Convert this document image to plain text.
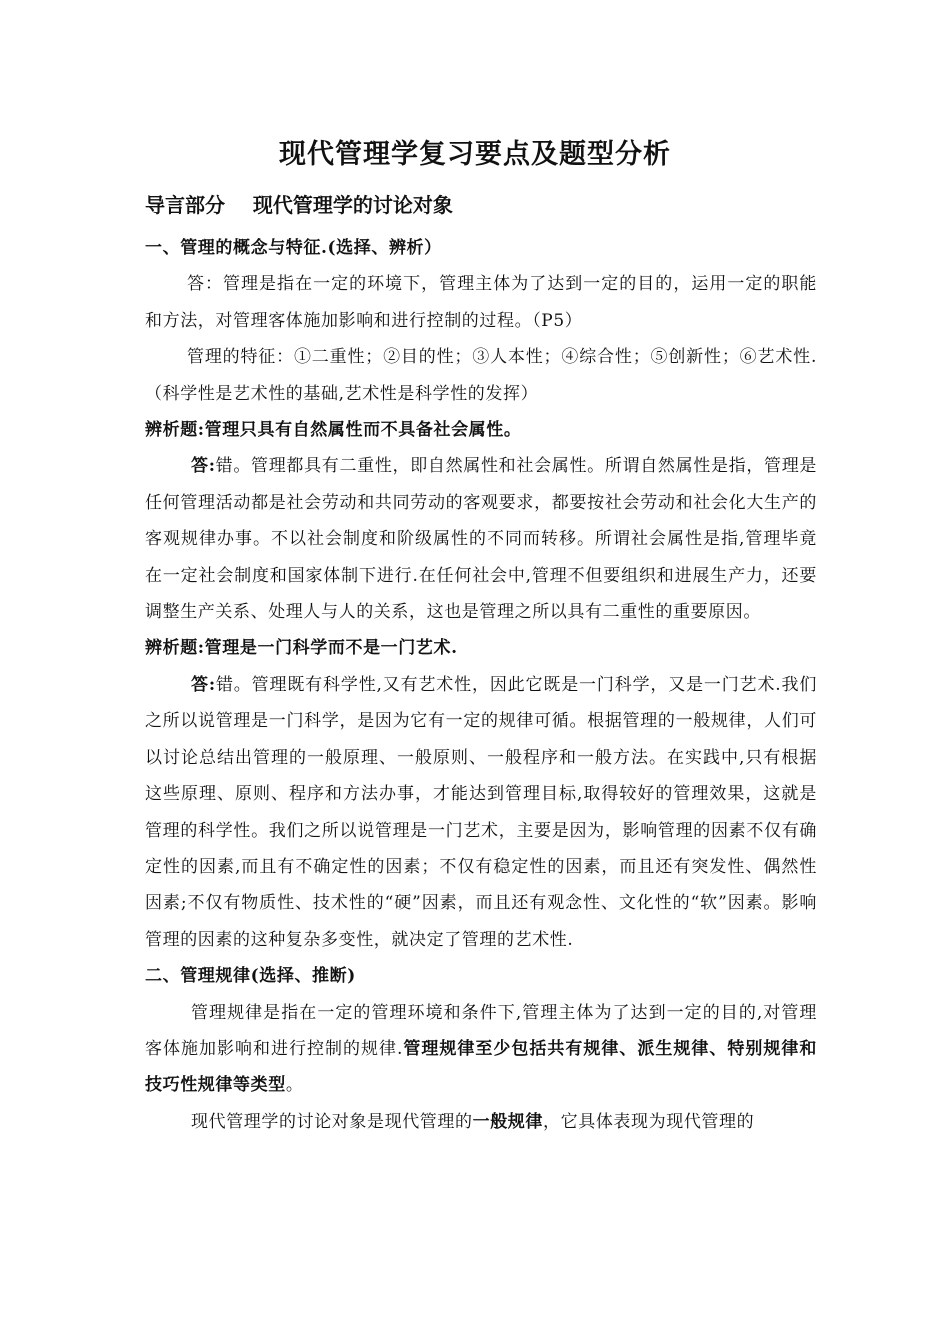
现代管理学复习要点及题型分析
导言部分    现代管理学的讨论对象

一、管理的概念与特征.(选择、辨析）

答：管理是指在一定的环境下，管理主体为了达到一定的目的，运用一定的职能和方法，对管理客体施加影响和进行控制的过程。（P5）

管理的特征：①二重性；②目的性；③人本性；④综合性；⑤创新性；⑥艺术性.（科学性是艺术性的基础,艺术性是科学性的发挥）

辨析题:管理只具有自然属性而不具备社会属性。

答:错。管理都具有二重性，即自然属性和社会属性。所谓自然属性是指，管理是任何管理活动都是社会劳动和共同劳动的客观要求，都要按社会劳动和社会化大生产的客观规律办事。不以社会制度和阶级属性的不同而转移。所谓社会属性是指,管理毕竟在一定社会制度和国家体制下进行.在任何社会中,管理不但要组织和进展生产力，还要调整生产关系、处理人与人的关系，这也是管理之所以具有二重性的重要原因。

辨析题:管理是一门科学而不是一门艺术.

答:错。管理既有科学性,又有艺术性，因此它既是一门科学，又是一门艺术.我们之所以说管理是一门科学，是因为它有一定的规律可循。根据管理的一般规律，人们可以讨论总结出管理的一般原理、一般原则、一般程序和一般方法。在实践中,只有根据这些原理、原则、程序和方法办事，才能达到管理目标,取得较好的管理效果，这就是管理的科学性。我们之所以说管理是一门艺术，主要是因为，影响管理的因素不仅有确定性的因素,而且有不确定性的因素；不仅有稳定性的因素，而且还有突发性、偶然性因素;不仅有物质性、技术性的“硬”因素，而且还有观念性、文化性的“软”因素。影响管理的因素的这种复杂多变性，就决定了管理的艺术性.

二、管理规律(选择、推断)

管理规律是指在一定的管理环境和条件下,管理主体为了达到一定的目的,对管理客体施加影响和进行控制的规律.管理规律至少包括共有规律、派生规律、特别规律和技巧性规律等类型。

现代管理学的讨论对象是现代管理的一般规律，它具体表现为现代管理的
